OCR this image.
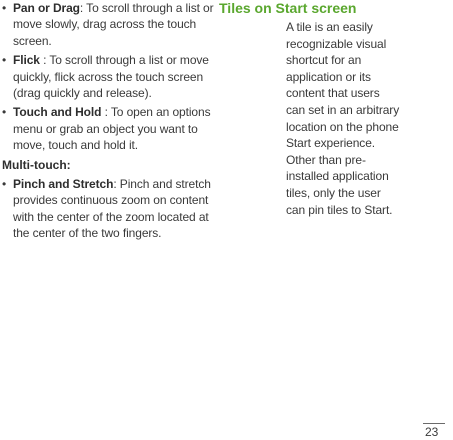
• Pan or Drag: To scroll through a list or move slowly, drag across the touch screen.
• Flick : To scroll through a list or move quickly, flick across the touch screen (drag quickly and release).
• Touch and Hold : To open an options menu or grab an object you want to move, touch and hold it.
Multi-touch:
• Pinch and Stretch: Pinch and stretch provides continuous zoom on content with the center of the zoom located at the center of the two fingers.
Tiles on Start screen
A tile is an easily
recognizable visual
shortcut for an
application or its
content that users
can set in an arbitrary
location on the phone
Start experience.
Other than pre-
installed application
tiles, only the user
can pin tiles to Start.
23
